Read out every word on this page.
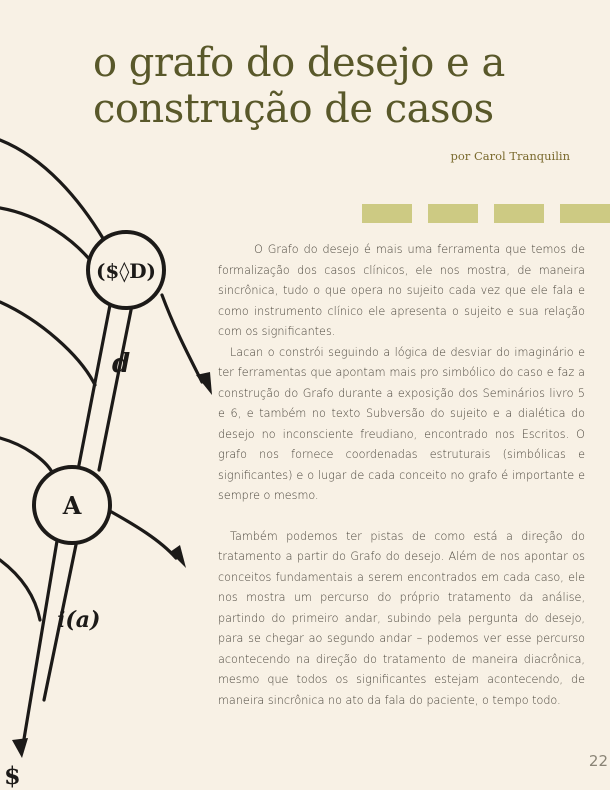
o grafo do desejo e a
construção de casos
por Carol Tranquilin
($◊D)
A
d
i(a)
$

O Grafo do desejo é mais uma ferramenta que temos de formalização dos casos clínicos, ele nos mostra, de maneira sincrônica, tudo o que opera no sujeito cada vez que ele fala e como instrumento clínico ele apresenta o sujeito e sua relação com os significantes.

Lacan o constrói seguindo a lógica de desviar do imaginário e ter ferramentas que apontam mais pro simbólico do caso e faz a construção do Grafo durante a exposição dos Seminários livro 5 e 6, e também no texto Subversão do sujeito e a dialética do desejo no inconsciente freudiano, encontrado nos Escritos. O grafo nos fornece coordenadas estruturais (simbólicas e significantes) e o lugar de cada conceito no grafo é importante e sempre o mesmo.

Também podemos ter pistas de como está a direção do tratamento a partir do Grafo do desejo. Além de nos apontar os conceitos fundamentais a serem encontrados em cada caso, ele nos mostra um percurso do próprio tratamento da análise, partindo do primeiro andar, subindo pela pergunta do desejo, para se chegar ao segundo andar – podemos ver esse percurso acontecendo na direção do tratamento de maneira diacrônica, mesmo que todos os significantes estejam acontecendo, de maneira sincrônica no ato da fala do paciente, o tempo todo.

22
